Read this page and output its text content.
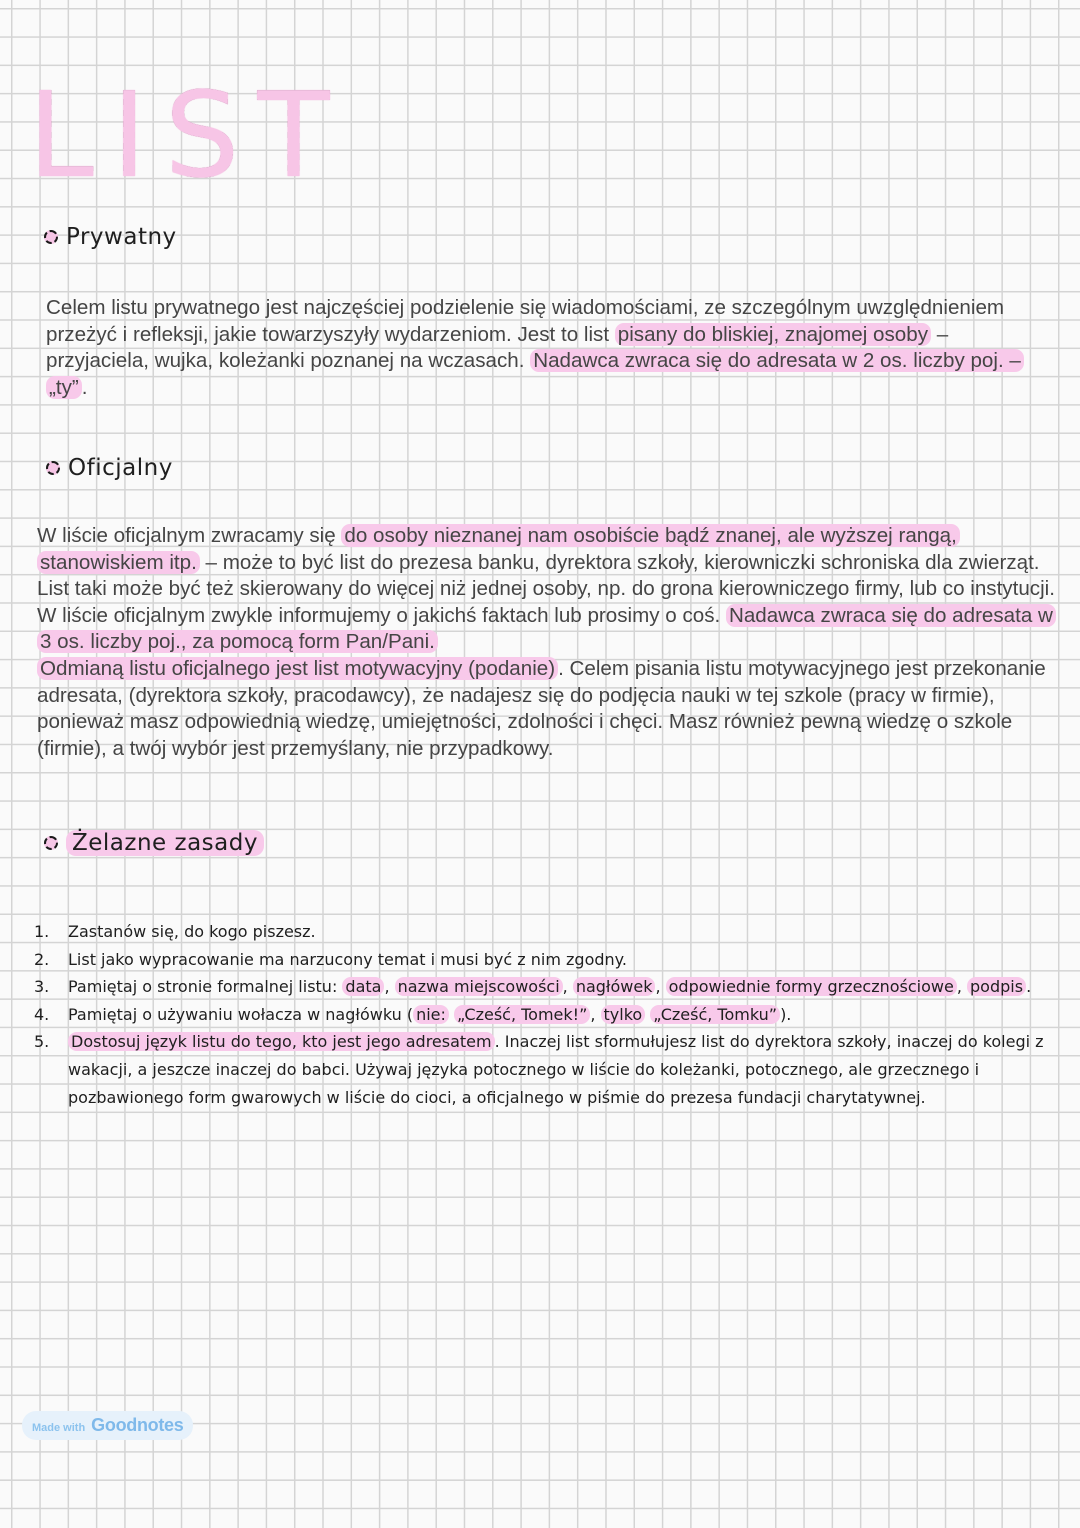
LIST
Prywatny

Celem listu prywatnego jest najczęściej podzielenie się wiadomościami, ze szczególnym uwzględnieniem przeżyć i refleksji, jakie towarzyszyły wydarzeniom. Jest to list pisany do bliskiej, znajomej osoby – przyjaciela, wujka, koleżanki poznanej na wczasach. Nadawca zwraca się do adresata w 2 os. liczby poj. – „ty” .

Oficjalny

W liście oficjalnym zwracamy się do osoby nieznanej nam osobiście bądź znanej, ale wyższej rangą, stanowiskiem itp. – może to być list do prezesa banku, dyrektora szkoły, kierowniczki schroniska dla zwierząt. List taki może być też skierowany do więcej niż jednej osoby, np. do grona kierowniczego firmy, lub co instytucji. W liście oficjalnym zwykle informujemy o jakichś faktach lub prosimy o coś. Nadawca zwraca się do adresata w 3 os. liczby poj., za pomocą form Pan/Pani.
Odmianą listu oficjalnego jest list motywacyjny (podanie) . Celem pisania listu motywacyjnego jest przekonanie adresata, (dyrektora szkoły, pracodawcy), że nadajesz się do podjęcia nauki w tej szkole (pracy w firmie), ponieważ masz odpowiednią wiedzę, umiejętności, zdolności i chęci. Masz również pewną wiedzę o szkole (firmie), a twój wybór jest przemyślany, nie przypadkowy.

Żelazne zasady
1.	Zastanów się, do kogo piszesz.
2.	List jako wypracowanie ma narzucony temat i musi być z nim zgodny.
3.	Pamiętaj o stronie formalnej listu: data , nazwa miejscowości , nagłówek , odpowiednie formy grzecznościowe , podpis .
4.	Pamiętaj o używaniu wołacza w nagłówku ( nie: „Cześć, Tomek!” , tylko „Cześć, Tomku” ).
5.	Dostosuj język listu do tego, kto jest jego adresatem . Inaczej list sformułujesz list do dyrektora szkoły, inaczej do kolegi z wakacji, a jeszcze inaczej do babci. Używaj języka potocznego w liście do koleżanki, potocznego, ale grzecznego i pozbawionego form gwarowych w liście do cioci, a oficjalnego w piśmie do prezesa fundacji charytatywnej.
Made with Goodnotes
